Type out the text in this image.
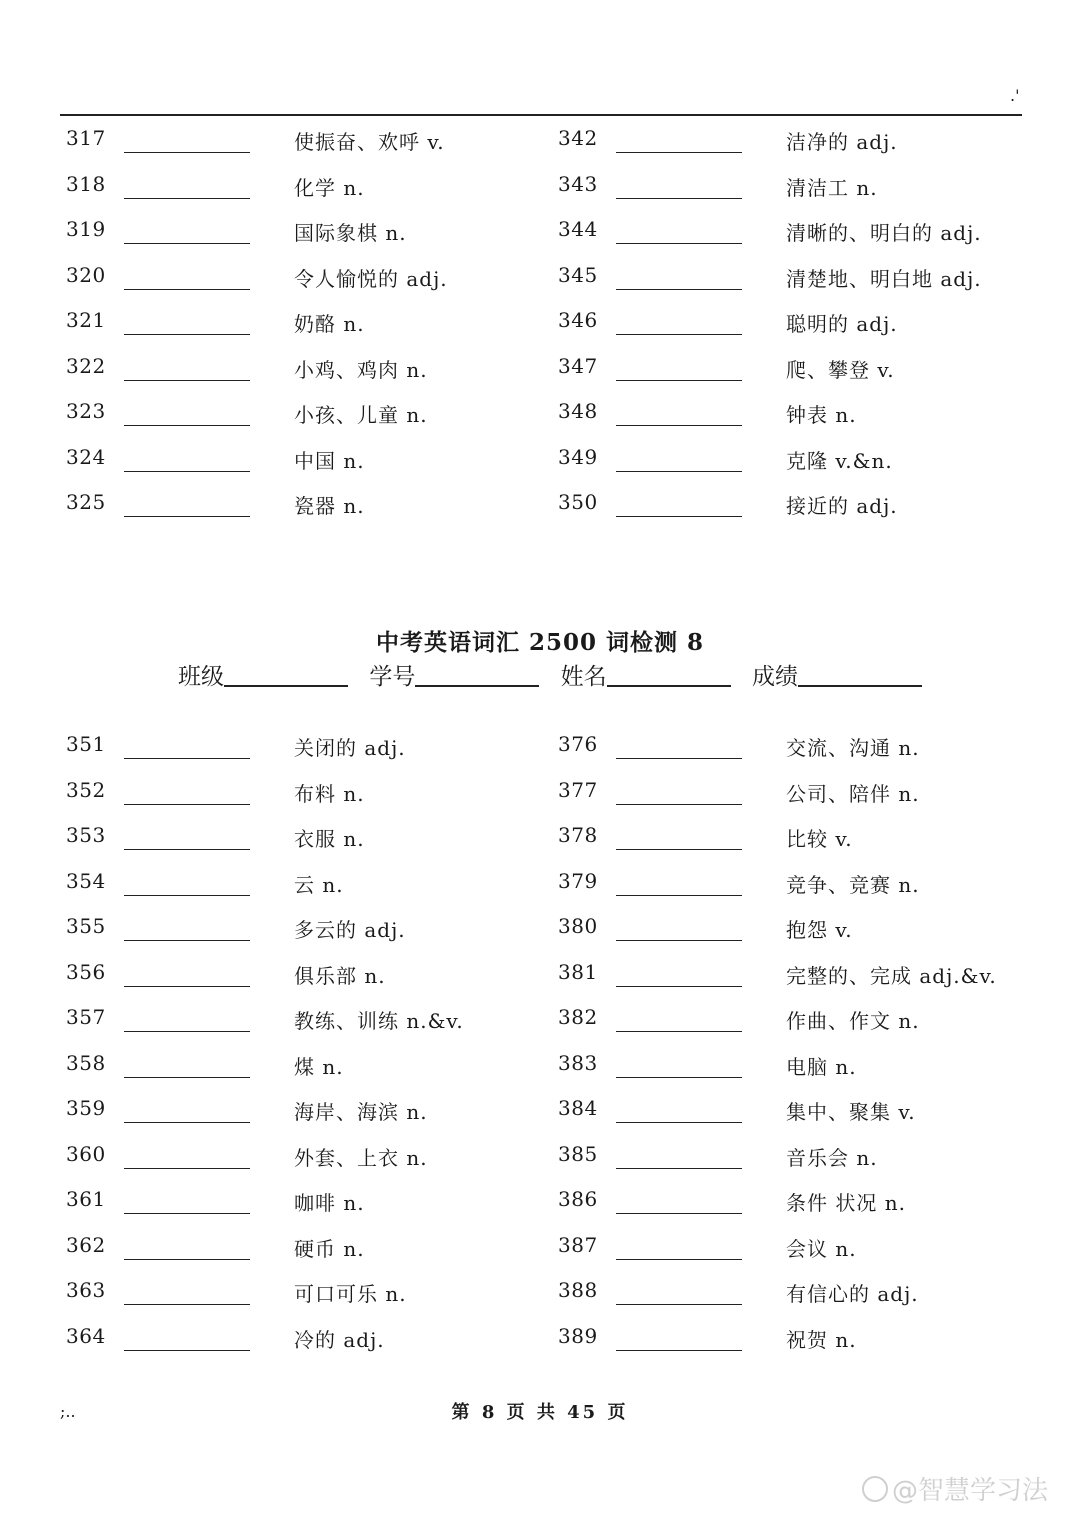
.'
317	使振奋、欢呼 v.
318	化学 n.
319	国际象棋 n.
320	令人愉悦的 adj.
321	奶酪 n.
322	小鸡、鸡肉 n.
323	小孩、儿童 n.
324	中国 n.
325	瓷器 n.
342	洁净的 adj.
343	清洁工 n.
344	清晰的、明白的 adj.
345	清楚地、明白地 adj.
346	聪明的 adj.
347	爬、攀登 v.
348	钟表 n.
349	克隆 v.&n.
350	接近的 adj.
中考英语词汇 2500 词检测 8
班级	学号	姓名	成绩
351	关闭的 adj.
352	布料 n.
353	衣服 n.
354	云 n.
355	多云的 adj.
356	俱乐部 n.
357	教练、训练 n.&v.
358	煤 n.
359	海岸、海滨 n.
360	外套、上衣 n.
361	咖啡 n.
362	硬币 n.
363	可口可乐 n.
364	冷的 adj.
376	交流、沟通 n.
377	公司、陪伴 n.
378	比较 v.
379	竞争、竞赛 n.
380	抱怨 v.
381	完整的、完成 adj.&v.
382	作曲、作文 n.
383	电脑 n.
384	集中、聚集 v.
385	音乐会 n.
386	条件 状况 n.
387	会议 n.
388	有信心的 adj.
389	祝贺 n.
第 8 页 共 45 页
;..
@智慧学习法
